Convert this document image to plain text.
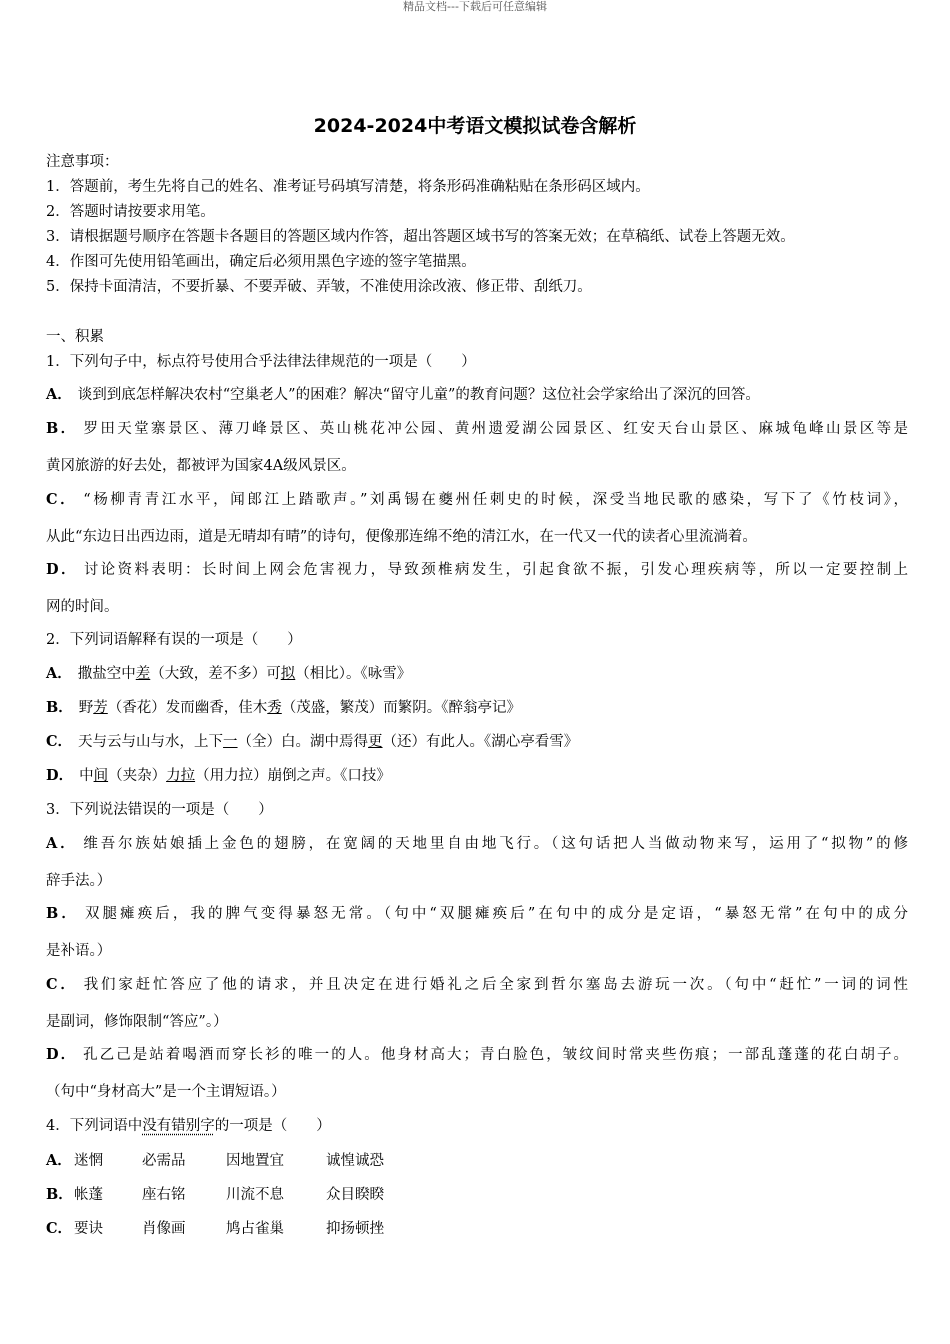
精品文档---下载后可任意编辑
2024-2024中考语文模拟试卷含解析
注意事项：
1．答题前，考生先将自己的姓名、准考证号码填写清楚，将条形码准确粘贴在条形码区域内。
2．答题时请按要求用笔。
3．请根据题号顺序在答题卡各题目的答题区域内作答，超出答题区域书写的答案无效；在草稿纸、试卷上答题无效。
4．作图可先使用铅笔画出，确定后必须用黑色字迹的签字笔描黑。
5．保持卡面清洁，不要折暴、不要弄破、弄皱，不准使用涂改液、修正带、刮纸刀。
一、积累
1．下列句子中，标点符号使用合乎法律法律规范的一项是（　　）
A． 谈到到底怎样解决农村“空巢老人”的困难？解决“留守儿童”的教育问题？这位社会学家给出了深沉的回答。
B． 罗田天堂寨景区、薄刀峰景区、英山桃花冲公园、黄州遗爱湖公园景区、红安天台山景区、麻城龟峰山景区等是
黄冈旅游的好去处，都被评为国家4A级风景区。
C． “杨柳青青江水平，闻郎江上踏歌声。”刘禹锡在夔州任刺史的时候，深受当地民歌的感染，写下了《竹枝词》，
从此“东边日出西边雨，道是无晴却有晴”的诗句，便像那连绵不绝的清江水，在一代又一代的读者心里流淌着。
D． 讨论资料表明：长时间上网会危害视力，导致颈椎病发生，引起食欲不振，引发心理疾病等，所以一定要控制上
网的时间。
2．下列词语解释有误的一项是（　　）
A． 撒盐空中差（大致，差不多）可拟（相比）。《咏雪》
B． 野芳（香花）发而幽香，佳木秀（茂盛，繁茂）而繁阴。《醉翁亭记》
C． 天与云与山与水，上下一（全）白。湖中焉得更（还）有此人。《湖心亭看雪》
D． 中间（夹杂）力拉（用力拉）崩倒之声。《口技》
3．下列说法错误的一项是（　　）
A． 维吾尔族姑娘插上金色的翅膀，在宽阔的天地里自由地飞行。（这句话把人当做动物来写，运用了“拟物”的修
辞手法。）
B． 双腿瘫痪后，我的脾气变得暴怒无常。（句中“双腿瘫痪后”在句中的成分是定语，“暴怒无常”在句中的成分
是补语。）
C． 我们家赶忙答应了他的请求，并且决定在进行婚礼之后全家到哲尔塞岛去游玩一次。（句中“赶忙”一词的词性
是副词，修饰限制“答应”。）
D． 孔乙己是站着喝酒而穿长衫的唯一的人。他身材高大；青白脸色，皱纹间时常夹些伤痕；一部乱蓬蓬的花白胡子。
（句中“身材高大”是一个主谓短语。）
4．下列词语中没有错别字的一项是（　　）
A． 迷惘	必需品	因地置宜	诚惶诚恐
B．帐蓬	座右铭	川流不息	众目睽睽
C． 要诀	肖像画	鸠占雀巢	抑扬顿挫
